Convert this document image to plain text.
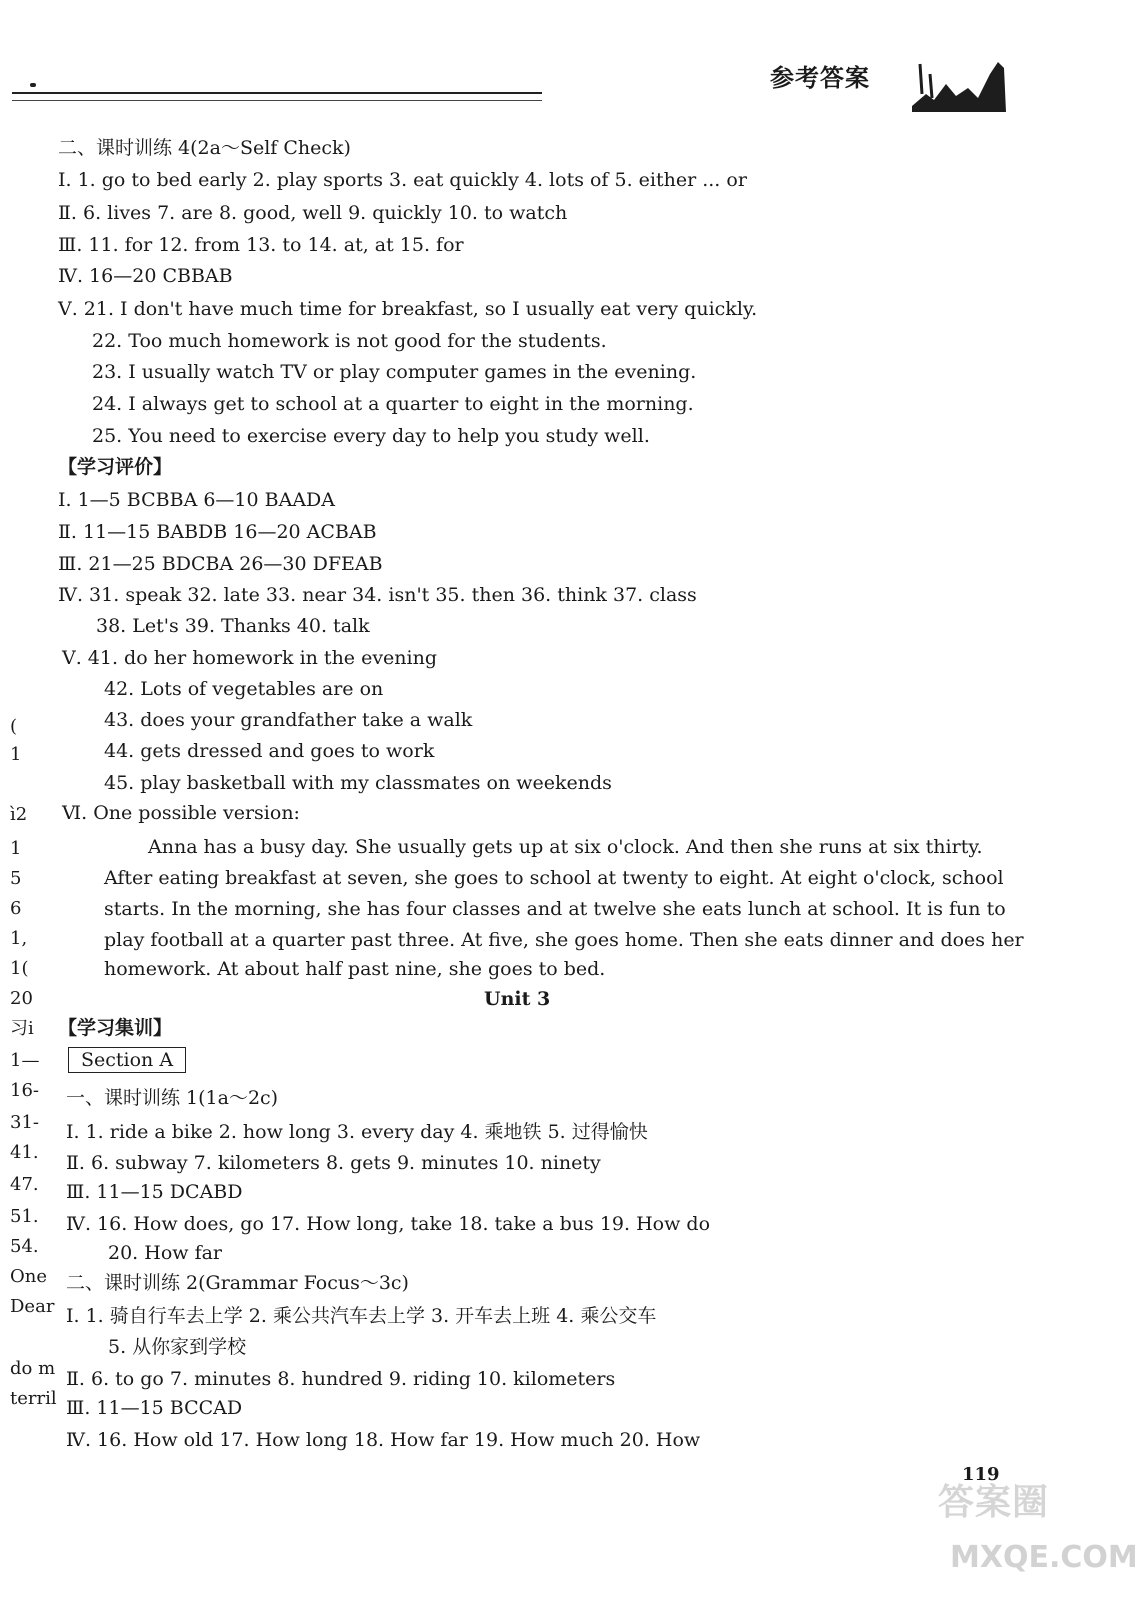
参考答案
二、课时训练 4(2a～Self Check)
Ⅰ. 1. go to bed early 2. play sports 3. eat quickly 4. lots of 5. either ... or
Ⅱ. 6. lives 7. are 8. good, well 9. quickly 10. to watch
Ⅲ. 11. for 12. from 13. to 14. at, at 15. for
Ⅳ. 16—20 CBBAB
Ⅴ. 21. I don't have much time for breakfast, so I usually eat very quickly.
22. Too much homework is not good for the students.
23. I usually watch TV or play computer games in the evening.
24. I always get to school at a quarter to eight in the morning.
25. You need to exercise every day to help you study well.
【学习评价】
Ⅰ. 1—5 BCBBA 6—10 BAADA
Ⅱ. 11—15 BABDB 16—20 ACBAB
Ⅲ. 21—25 BDCBA 26—30 DFEAB
Ⅳ. 31. speak 32. late 33. near 34. isn't 35. then 36. think 37. class
38. Let's 39. Thanks 40. talk
Ⅴ. 41. do her homework in the evening
42. Lots of vegetables are on
43. does your grandfather take a walk
44. gets dressed and goes to work
45. play basketball with my classmates on weekends
Ⅵ. One possible version:
Anna has a busy day. She usually gets up at six o'clock. And then she runs at six thirty.
After eating breakfast at seven, she goes to school at twenty to eight. At eight o'clock, school
starts. In the morning, she has four classes and at twelve she eats lunch at school. It is fun to
play football at a quarter past three. At five, she goes home. Then she eats dinner and does her
homework. At about half past nine, she goes to bed.
Unit 3
【学习集训】
一、课时训练 1(1a～2c)
Ⅰ. 1. ride a bike 2. how long 3. every day 4. 乘地铁 5. 过得愉快
Ⅱ. 6. subway 7. kilometers 8. gets 9. minutes 10. ninety
Ⅲ. 11—15 DCABD
Ⅳ. 16. How does, go 17. How long, take 18. take a bus 19. How do
20. How far
二、课时训练 2(Grammar Focus～3c)
Ⅰ. 1. 骑自行车去上学 2. 乘公共汽车去上学 3. 开车去上班 4. 乘公交车
5. 从你家到学校
Ⅱ. 6. to go 7. minutes 8. hundred 9. riding 10. kilometers
Ⅲ. 11—15 BCCAD
Ⅳ. 16. How old 17. How long 18. How far 19. How much 20. How
Section A
(
1
ì2
1
5
6
1,
1(
20
习i
1—
16-
31-
41.
47.
51.
54.
One
Dear
do m
terril
119
答案圈
MXQE.COM
